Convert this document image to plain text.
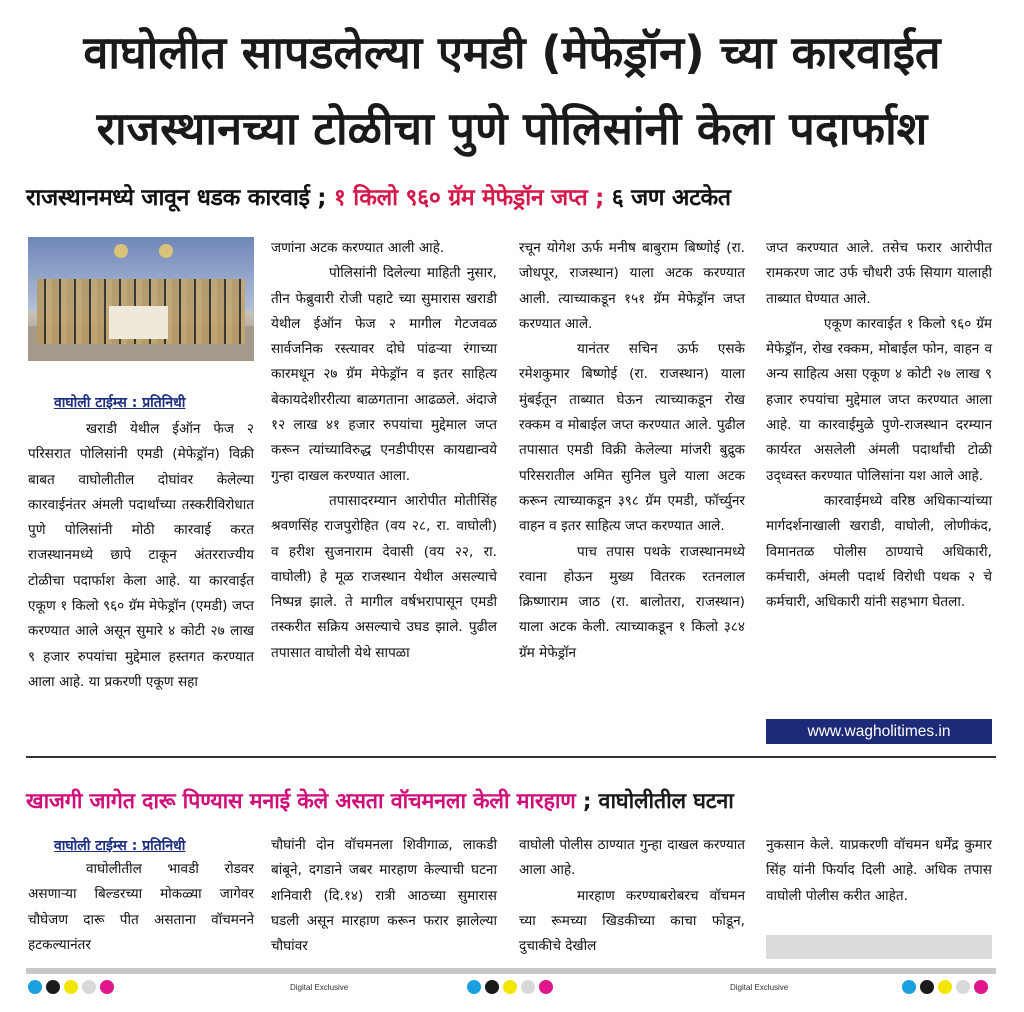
वाघोलीत सापडलेल्या एमडी (मेफेड्रॉन) च्या कारवाईत
राजस्थानच्या टोळीचा पुणे पोलिसांनी केला पदार्फाश
राजस्थानमध्ये जावून धडक कारवाई ; १ किलो ९६० ग्रॅम मेफेड्रॉन जप्त ; ६ जण अटकेत
वाघोली टाईम्स : प्रतिनिधी

खराडी येथील ईऑन फेज २ परिसरात पोलिसांनी एमडी (मेफेड्रॉन) विक्री बाबत वाघोलीतील दोघांवर केलेल्या कारवाईनंतर अंमली पदार्थांच्या तस्करीविरोधात पुणे पोलिसांनी मोठी कारवाई करत राजस्थानमध्ये छापे टाकून अंतरराज्यीय टोळीचा पदार्फाश केला आहे. या कारवाईत एकूण १ किलो ९६० ग्रॅम मेफेड्रॉन (एमडी) जप्त करण्यात आले असून सुमारे ४ कोटी २७ लाख ९ हजार रुपयांचा मुद्देमाल हस्तगत करण्यात आला आहे. या प्रकरणी एकूण सहा

जणांना अटक करण्यात आली आहे.

पोलिसांनी दिलेल्या माहिती नुसार, तीन फेब्रुवारी रोजी पहाटे च्या सुमारास खराडी येथील ईऑन फेज २ मागील गेटजवळ सार्वजनिक रस्त्यावर दोघे पांढऱ्या रंगाच्या कारमधून २७ ग्रॅम मेफेड्रॉन व इतर साहित्य बेकायदेशीररीत्या बाळगताना आढळले. अंदाजे १२ लाख ४१ हजार रुपयांचा मुद्देमाल जप्त करून त्यांच्याविरुद्ध एनडीपीएस कायद्यान्वये गुन्हा दाखल करण्यात आला.

तपासादरम्यान आरोपीत मोतीसिंह श्रवणसिंह राजपुरोहित (वय २८, रा. वाघोली) व हरीश सुजनाराम देवासी (वय २२, रा. वाघोली) हे मूळ राजस्थान येथील असल्याचे निष्पन्न झाले. ते मागील वर्षभरापासून एमडी तस्करीत सक्रिय असल्याचे उघड झाले. पुढील तपासात वाघोली येथे सापळा

रचून योगेश ऊर्फ मनीष बाबुराम बिष्णोई (रा. जोधपूर, राजस्थान) याला अटक करण्यात आली. त्याच्याकडून १५१ ग्रॅम मेफेड्रॉन जप्त करण्यात आले.

यानंतर सचिन ऊर्फ एसके रमेशकुमार बिष्णोई (रा. राजस्थान) याला मुंबईतून ताब्यात घेऊन त्याच्याकडून रोख रक्कम व मोबाईल जप्त करण्यात आले. पुढील तपासात एमडी विक्री केलेल्या मांजरी बुद्रुक परिसरातील अमित सुनिल घुले याला अटक करून त्याच्याकडून ३९८ ग्रॅम एमडी, फॉर्च्युनर वाहन व इतर साहित्य जप्त करण्यात आले.

पाच तपास पथके राजस्थानमध्ये रवाना होऊन मुख्य वितरक रतनलाल क्रिष्णाराम जाठ (रा. बालोतरा, राजस्थान) याला अटक केली. त्याच्याकडून १ किलो ३८४ ग्रॅम मेफेड्रॉन

जप्त करण्यात आले. तसेच फरार आरोपीत रामकरण जाट उर्फ चौधरी उर्फ सियाग यालाही ताब्यात घेण्यात आले.

एकूण कारवाईत १ किलो ९६० ग्रॅम मेफेड्रॉन, रोख रक्कम, मोबाईल फोन, वाहन व अन्य साहित्य असा एकूण ४ कोटी २७ लाख ९ हजार रुपयांचा मुद्देमाल जप्त करण्यात आला आहे. या कारवाईमुळे पुणे-राजस्थान दरम्यान कार्यरत असलेली अंमली पदार्थांची टोळी उद्ध्वस्त करण्यात पोलिसांना यश आले आहे.

कारवाईमध्ये वरिष्ठ अधिकाऱ्यांच्या मार्गदर्शनाखाली खराडी, वाघोली, लोणीकंद, विमानतळ पोलीस ठाण्याचे अधिकारी, कर्मचारी, अंमली पदार्थ विरोधी पथक २ चे कर्मचारी, अधिकारी यांनी सहभाग घेतला.

www.wagholitimes.in
खाजगी जागेत दारू पिण्यास मनाई केले असता वॉचमनला केली मारहाण ; वाघोलीतील घटना
वाघोली टाईम्स : प्रतिनिधी

वाघोलीतील भावडी रोडवर असणाऱ्या बिल्डरच्या मोकळ्या जागेवर चौघेजण दारू पीत असताना वॉचमनने हटकल्यानंतर

चौघांनी दोन वॉचमनला शिवीगाळ, लाकडी बांबूने, दगडाने जबर मारहाण केल्याची घटना शनिवारी (दि.१४) रात्री आठच्या सुमारास घडली असून मारहाण करून फरार झालेल्या चौघांवर

वाघोली पोलीस ठाण्यात गुन्हा दाखल करण्यात आला आहे.

मारहाण करण्याबरोबरच वॉचमन च्या रूमच्या खिडकीच्या काचा फोडून, दुचाकीचे देखील

नुकसान केले. याप्रकरणी वॉचमन धर्मेंद्र कुमार सिंह यांनी फिर्याद दिली आहे. अधिक तपास वाघोली पोलीस करीत आहेत.

Digital Exclusive	Digital Exclusive
